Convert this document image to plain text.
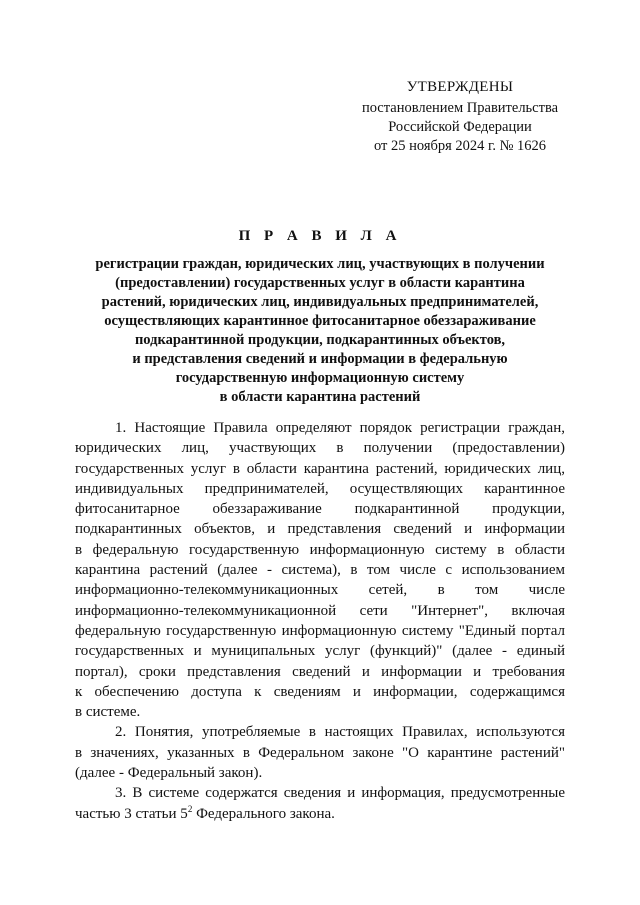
УТВЕРЖДЕНЫ
постановлением Правительства
Российской Федерации
от 25 ноября 2024 г. № 1626
П Р А В И Л А
регистрации граждан, юридических лиц, участвующих в получении
(предоставлении) государственных услуг в области карантина
растений, юридических лиц, индивидуальных предпринимателей,
осуществляющих карантинное фитосанитарное обеззараживание
подкарантинной продукции, подкарантинных объектов,
и представления сведений и информации в федеральную
государственную информационную систему
в области карантина растений
1. Настоящие Правила определяют порядок регистрации граждан,
юридических лиц, участвующих в получении (предоставлении)
государственных услуг в области карантина растений, юридических лиц,
индивидуальных предпринимателей, осуществляющих карантинное
фитосанитарное обеззараживание подкарантинной продукции,
подкарантинных объектов, и представления сведений и информации
в федеральную государственную информационную систему в области
карантина растений (далее - система), в том числе с использованием
информационно-телекоммуникационных сетей, в том числе
информационно-телекоммуникационной сети "Интернет", включая
федеральную государственную информационную систему "Единый портал
государственных и муниципальных услуг (функций)" (далее - единый
портал), сроки представления сведений и информации и требования
к обеспечению доступа к сведениям и информации, содержащимся
в системе.
2. Понятия, употребляемые в настоящих Правилах, используются
в значениях, указанных в Федеральном законе "О карантине растений"
(далее - Федеральный закон).
3. В системе содержатся сведения и информация, предусмотренные
частью 3 статьи $5^2$ Федерального закона.
